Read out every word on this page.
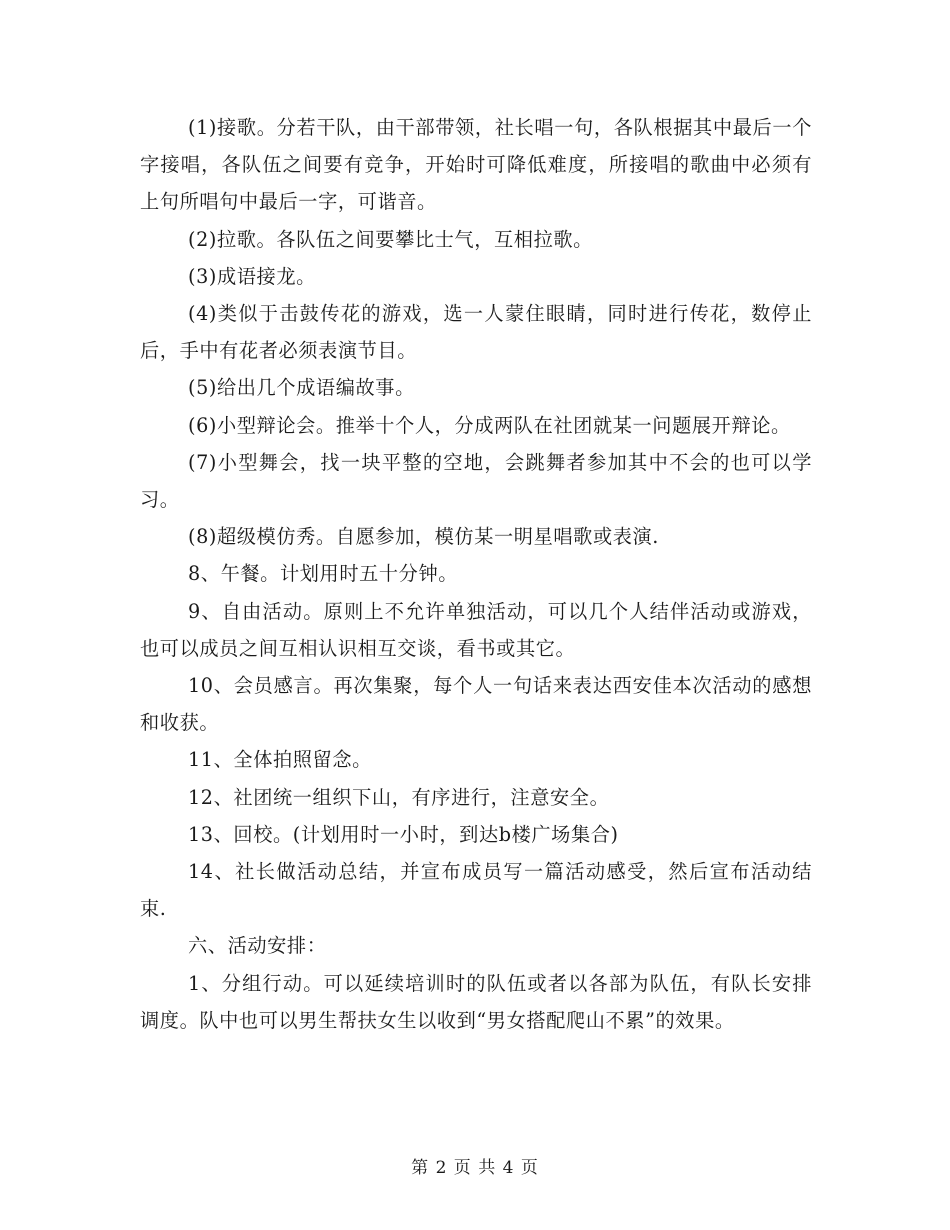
(1)接歌。分若干队，由干部带领，社长唱一句，各队根据其中最后一个字接唱，各队伍之间要有竞争，开始时可降低难度，所接唱的歌曲中必须有上句所唱句中最后一字，可谐音。

(2)拉歌。各队伍之间要攀比士气，互相拉歌。

(3)成语接龙。

(4)类似于击鼓传花的游戏，选一人蒙住眼睛，同时进行传花，数停止后，手中有花者必须表演节目。

(5)给出几个成语编故事。

(6)小型辩论会。推举十个人，分成两队在社团就某一问题展开辩论。

(7)小型舞会，找一块平整的空地，会跳舞者参加其中不会的也可以学习。

(8)超级模仿秀。自愿参加，模仿某一明星唱歌或表演.

8、午餐。计划用时五十分钟。

9、自由活动。原则上不允许单独活动，可以几个人结伴活动或游戏，也可以成员之间互相认识相互交谈，看书或其它。

10、会员感言。再次集聚，每个人一句话来表达西安佳本次活动的感想和收获。

11、全体拍照留念。

12、社团统一组织下山，有序进行，注意安全。

13、回校。(计划用时一小时，到达b楼广场集合)

14、社长做活动总结，并宣布成员写一篇活动感受，然后宣布活动结束.

六、活动安排：

1、分组行动。可以延续培训时的队伍或者以各部为队伍，有队长安排调度。队中也可以男生帮扶女生以收到“男女搭配爬山不累”的效果。

第 2 页 共 4 页
